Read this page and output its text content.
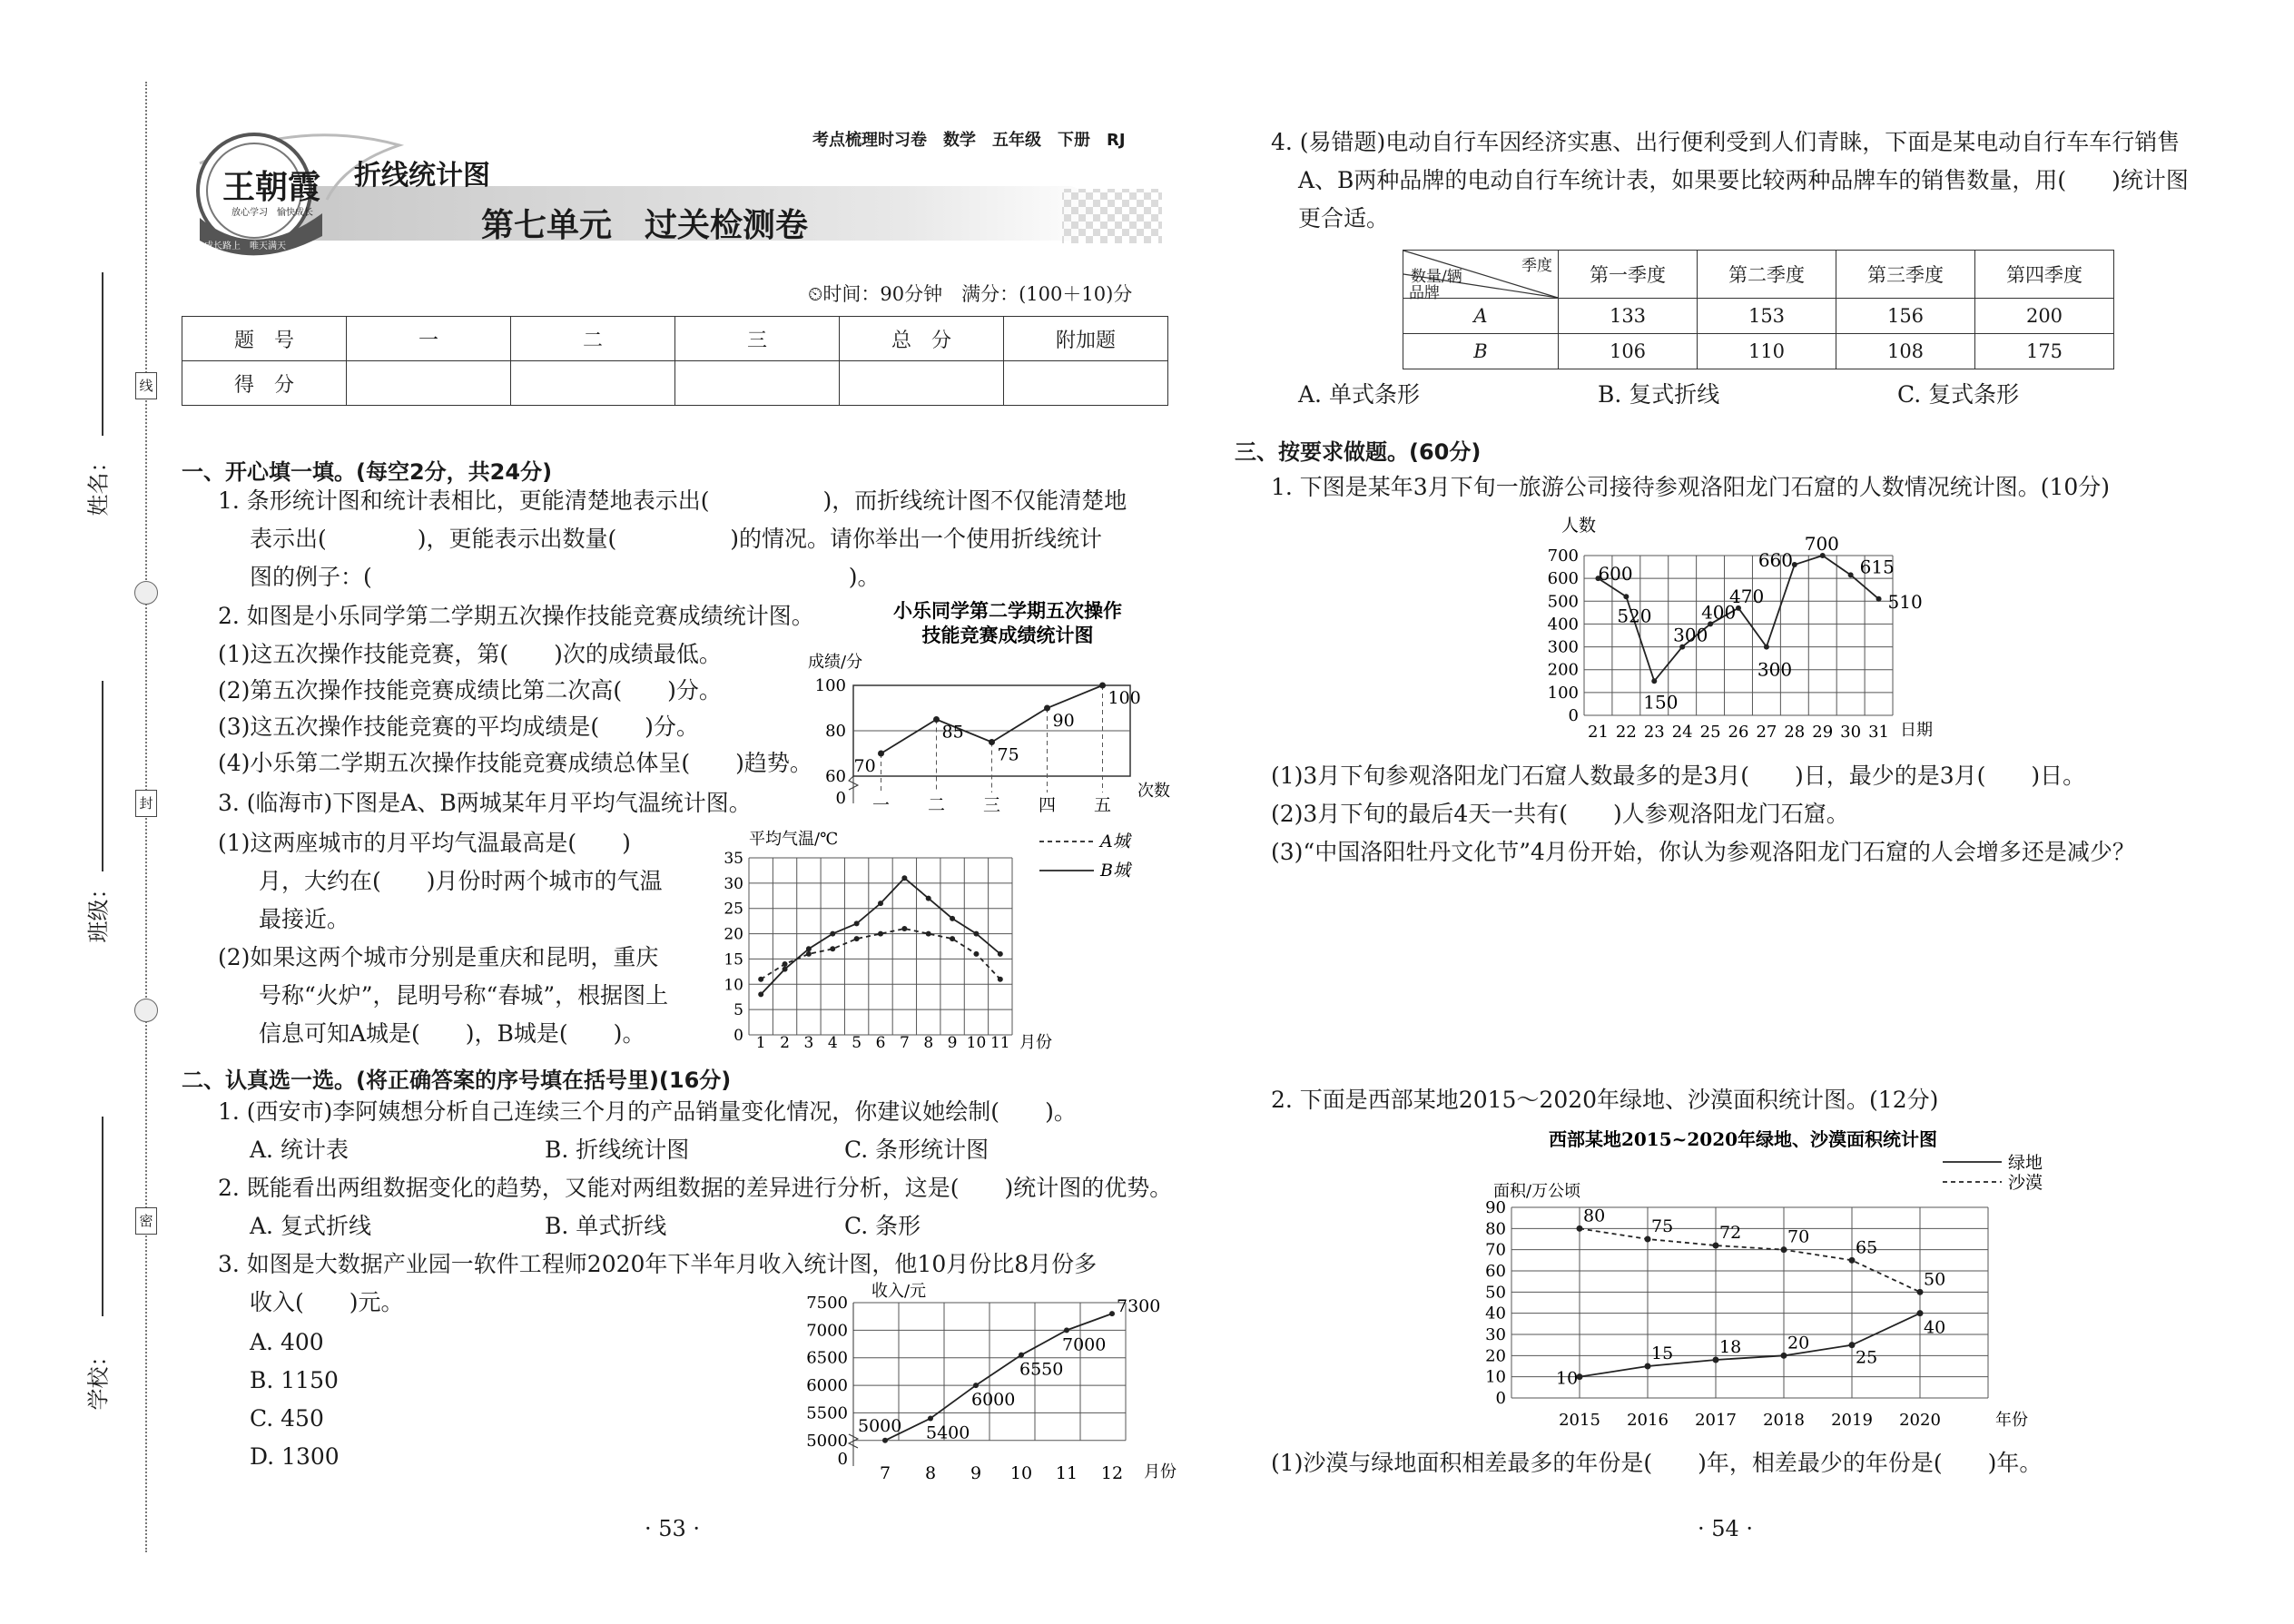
线
封
密
姓名：
班级：
学校：
王朝霞
放心学习　愉快成长
成长路上　唯天满天
考点梳理时习卷　数学　五年级　下册　RJ
折线统计图
第七单元　过关检测卷
⏲时间：90分钟　满分：(100＋10)分
题　号	一	二	三	总　分	附加题
得　分					
一、开心填一填。(每空2分，共24分)
1. 条形统计图和统计表相比，更能清楚地表示出(　　　　　)，而折线统计图不仅能清楚地
表示出(　　　　)，更能表示出数量(　　　　　)的情况。请你举出一个使用折线统计
图的例子：(　　　　　　　　　　　　　　　　　　　　　)。
2. 如图是小乐同学第二学期五次操作技能竞赛成绩统计图。
(1)这五次操作技能竞赛，第(　　)次的成绩最低。
(2)第五次操作技能竞赛成绩比第二次高(　　)分。
(3)这五次操作技能竞赛的平均成绩是(　　)分。
(4)小乐第二学期五次操作技能竞赛成绩总体呈(　　)趋势。
3. (临海市)下图是A、B两城某年月平均气温统计图。
(1)这两座城市的月平均气温最高是(　　)
月，大约在(　　)月份时两个城市的气温
最接近。
(2)如果这两个城市分别是重庆和昆明，重庆
号称“火炉”，昆明号称“春城”，根据图上
信息可知A城是(　　)，B城是(　　)。
小乐同学第二学期五次操作
技能竞赛成绩统计图
成绩/分
次数
100
80
60
0
70
一
85
二
75
三
90
四
100
五
平均气温/℃
月份
0
5
10
15
20
25
30
35
1 2 3 4 5 6 7 8 9 10 11
A城
B城
二、认真选一选。(将正确答案的序号填在括号里)(16分)
1. (西安市)李阿姨想分析自己连续三个月的产品销量变化情况，你建议她绘制(　　)。
A. 统计表	B. 折线统计图	C. 条形统计图
2. 既能看出两组数据变化的趋势，又能对两组数据的差异进行分析，这是(　　)统计图的优势。
A. 复式折线	B. 单式折线	C. 条形
3. 如图是大数据产业园一软件工程师2020年下半年月收入统计图，他10月份比8月份多
收入(　　)元。
A. 400
B. 1150
C. 450
D. 1300
收入/元
月份
5000
5500
6000
6500
7000
7500
0
5000
7
5400
8
6000
9
6550
10
7000
11
7300
12
· 53 ·
4. (易错题)电动自行车因经济实惠、出行便利受到人们青睐，下面是某电动自行车车行销售
A、B两种品牌的电动自行车统计表，如果要比较两种品牌车的销售数量，用(　　)统计图
更合适。
季度
数量/辆
品牌	第一季度	第二季度	第三季度	第四季度
A	133	153	156	200
B	106	110	108	175
A. 单式条形	B. 复式折线	C. 复式条形
三、按要求做题。(60分)
1. 下图是某年3月下旬一旅游公司接待参观洛阳龙门石窟的人数情况统计图。(10分)
人数
日期
0
100
200
300
400
500
600
700
600
21
520
22
150
23
300
24
400
25
470
26
300
27
660
28
700
29
615
30
510
31
(1)3月下旬参观洛阳龙门石窟人数最多的是3月(　　)日，最少的是3月(　　)日。
(2)3月下旬的最后4天一共有(　　)人参观洛阳龙门石窟。
(3)“中国洛阳牡丹文化节”4月份开始，你认为参观洛阳龙门石窟的人会增多还是减少？
2. 下面是西部某地2015～2020年绿地、沙漠面积统计图。(12分)
西部某地2015~2020年绿地、沙漠面积统计图
面积/万公顷
年份
0
10
20
30
40
50
60
70
80
90
2015 2016 2017 2018 2019 2020
10
15	18	20
25
40
绿地
80
75	72	70
65
50
沙漠
(1)沙漠与绿地面积相差最多的年份是(　　)年，相差最少的年份是(　　)年。
· 54 ·
